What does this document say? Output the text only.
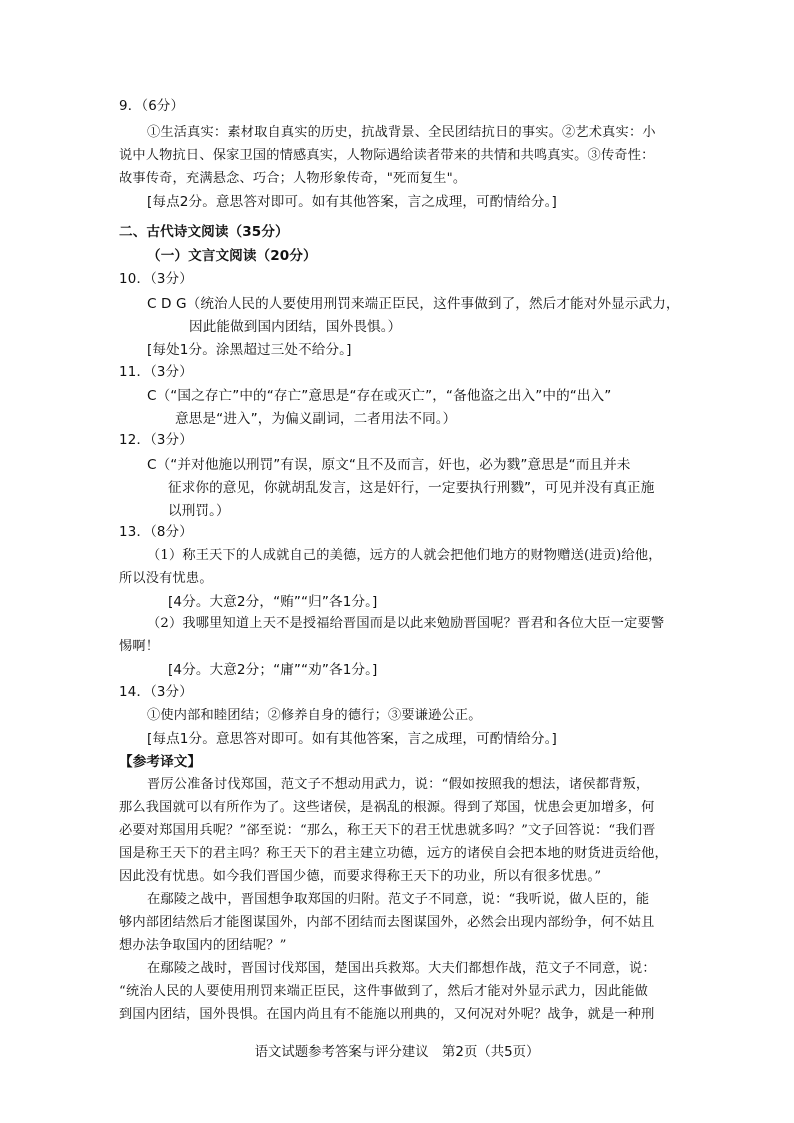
9．（6分）
①生活真实：素材取自真实的历史，抗战背景、全民团结抗日的事实。②艺术真实：小
说中人物抗日、保家卫国的情感真实，人物际遇给读者带来的共情和共鸣真实。③传奇性：
故事传奇，充满悬念、巧合；人物形象传奇，"死而复生"。
[每点2分。意思答对即可。如有其他答案，言之成理，可酌情给分。]
二、古代诗文阅读（35分）
（一）文言文阅读（20分）
10．（3分）
C D G（统治人民的人要使用刑罚来端正臣民，这件事做到了，然后才能对外显示武力，
因此能做到国内团结，国外畏惧。）
[每处1分。涂黑超过三处不给分。]
11．（3分）
C（“国之存亡”中的“存亡”意思是“存在或灭亡”，“备他盗之出入”中的“出入”
意思是“进入”，为偏义副词，二者用法不同。）
12．（3分）
C（“并对他施以刑罚”有误，原文“且不及而言，奸也，必为戮”意思是“而且并未
征求你的意见，你就胡乱发言，这是奸行，一定要执行刑戮”，可见并没有真正施
以刑罚。）
13．（8分）
（1）称王天下的人成就自己的美德，远方的人就会把他们地方的财物赠送(进贡)给他，
所以没有忧患。
[4分。大意2分，“贿”“归”各1分。]
（2）我哪里知道上天不是授福给晋国而是以此来勉励晋国呢？晋君和各位大臣一定要警
惕啊！
[4分。大意2分；“庸”“劝”各1分。]
14．（3分）
①使内部和睦团结；②修养自身的德行；③要谦逊公正。
[每点1分。意思答对即可。如有其他答案，言之成理，可酌情给分。]
【参考译文】
晋厉公准备讨伐郑国，范文子不想动用武力，说：“假如按照我的想法，诸侯都背叛，
那么我国就可以有所作为了。这些诸侯，是祸乱的根源。得到了郑国，忧患会更加增多，何
必要对郑国用兵呢？”郤至说：“那么，称王天下的君王忧患就多吗？”文子回答说：“我们晋
国是称王天下的君主吗？称王天下的君主建立功德，远方的诸侯自会把本地的财货进贡给他，
因此没有忧患。如今我们晋国少德，而要求得称王天下的功业，所以有很多忧患。”
在鄢陵之战中，晋国想争取郑国的归附。范文子不同意，说：“我听说，做人臣的，能
够内部团结然后才能图谋国外，内部不团结而去图谋国外，必然会出现内部纷争，何不姑且
想办法争取国内的团结呢？”
在鄢陵之战时，晋国讨伐郑国，楚国出兵救郑。大夫们都想作战，范文子不同意，说：
“统治人民的人要使用刑罚来端正臣民，这件事做到了，然后才能对外显示武力，因此能做
到国内团结，国外畏惧。在国内尚且有不能施以刑典的，又何况对外呢？战争，就是一种刑
语文试题参考答案与评分建议　第2页（共5页）
